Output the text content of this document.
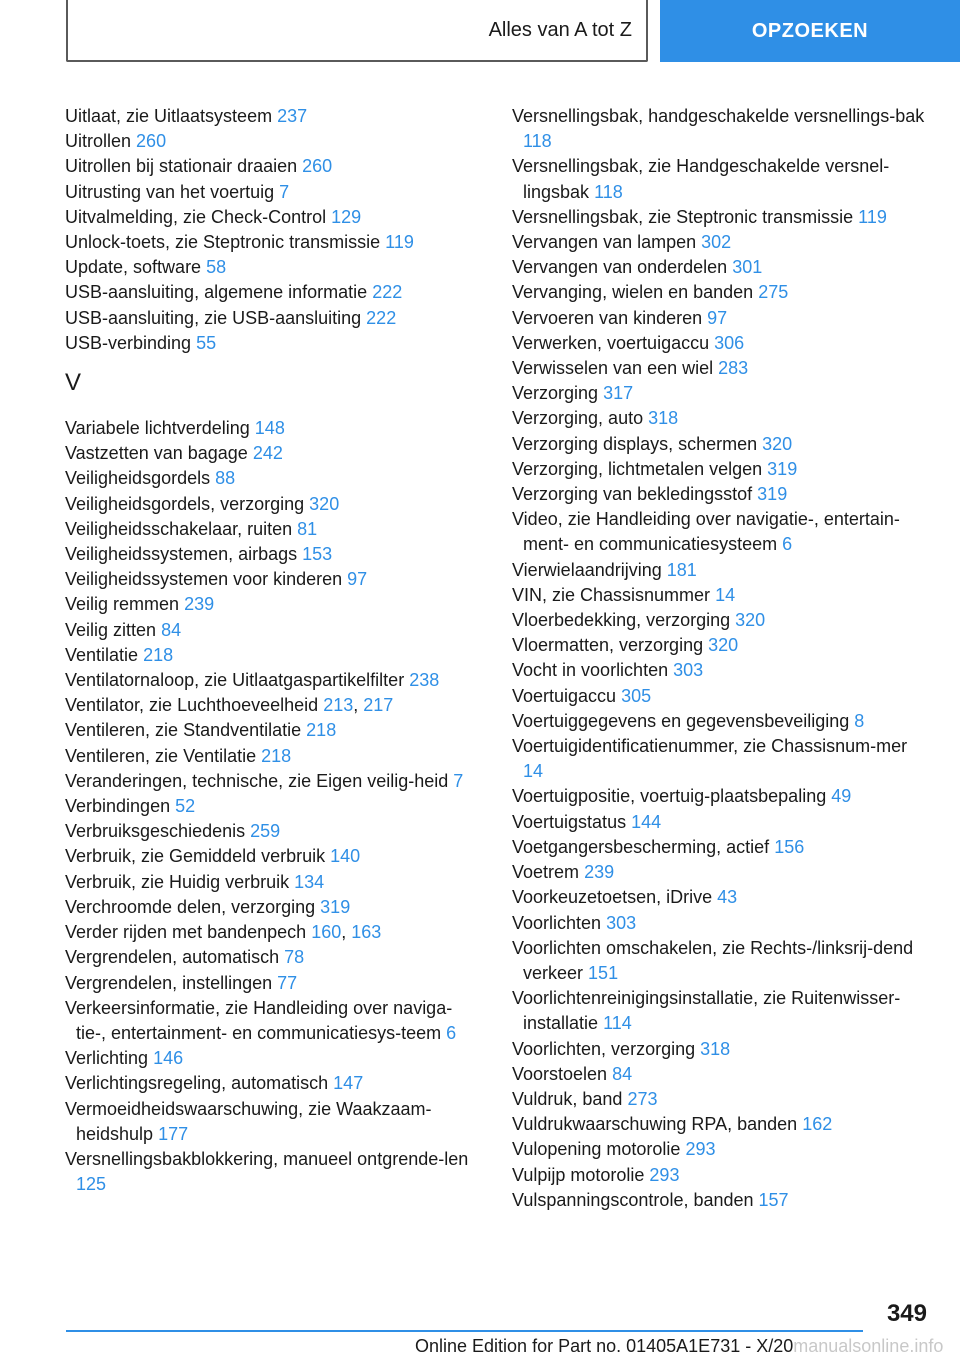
Alles van A tot Z	OPZOEKEN
Uitlaat, zie Uitlaatsysteem 237
Uitrollen 260
Uitrollen bij stationair draaien 260
Uitrusting van het voertuig 7
Uitvalmelding, zie Check-Control 129
Unlock-toets, zie Steptronic transmissie 119
Update, software 58
USB-aansluiting, algemene informatie 222
USB-aansluiting, zie USB-aansluiting 222
USB-verbinding 55
V
Variabele lichtverdeling 148
Vastzetten van bagage 242
Veiligheidsgordels 88
Veiligheidsgordels, verzorging 320
Veiligheidsschakelaar, ruiten 81
Veiligheidssystemen, airbags 153
Veiligheidssystemen voor kinderen 97
Veilig remmen 239
Veilig zitten 84
Ventilatie 218
Ventilatornaloop, zie Uitlaatgaspartikelfilter 238
Ventilator, zie Luchthoeveelheid 213, 217
Ventileren, zie Standventilatie 218
Ventileren, zie Ventilatie 218
Veranderingen, technische, zie Eigen veilig-heid 7
Verbindingen 52
Verbruiksgeschiedenis 259
Verbruik, zie Gemiddeld verbruik 140
Verbruik, zie Huidig verbruik 134
Verchroomde delen, verzorging 319
Verder rijden met bandenpech 160, 163
Vergrendelen, automatisch 78
Vergrendelen, instellingen 77
Verkeersinformatie, zie Handleiding over naviga-tie-, entertainment- en communicatiesys-teem 6
Verlichting 146
Verlichtingsregeling, automatisch 147
Vermoeidheidswaarschuwing, zie Waakzaam-heidshulp 177
Versnellingsbakblokkering, manueel ontgrende-len 125
Versnellingsbak, handgeschakelde versnellings-bak 118
Versnellingsbak, zie Handgeschakelde versnel-lingsbak 118
Versnellingsbak, zie Steptronic transmissie 119
Vervangen van lampen 302
Vervangen van onderdelen 301
Vervanging, wielen en banden 275
Vervoeren van kinderen 97
Verwerken, voertuigaccu 306
Verwisselen van een wiel 283
Verzorging 317
Verzorging, auto 318
Verzorging displays, schermen 320
Verzorging, lichtmetalen velgen 319
Verzorging van bekledingsstof 319
Video, zie Handleiding over navigatie-, entertain-ment- en communicatiesysteem 6
Vierwielaandrijving 181
VIN, zie Chassisnummer 14
Vloerbedekking, verzorging 320
Vloermatten, verzorging 320
Vocht in voorlichten 303
Voertuigaccu 305
Voertuiggegevens en gegevensbeveiliging 8
Voertuigidentificatienummer, zie Chassisnum-mer 14
Voertuigpositie, voertuig-plaatsbepaling 49
Voertuigstatus 144
Voetgangersbescherming, actief 156
Voetrem 239
Voorkeuzetoetsen, iDrive 43
Voorlichten 303
Voorlichten omschakelen, zie Rechts-/linksrij-dend verkeer 151
Voorlichtenreinigingsinstallatie, zie Ruitenwisser-installatie 114
Voorlichten, verzorging 318
Voorstoelen 84
Vuldruk, band 273
Vuldrukwaarschuwing RPA, banden 162
Vulopening motorolie 293
Vulpijp motorolie 293
Vulspanningscontrole, banden 157
349
Online Edition for Part no. 01405A1E731 - X/20manualsonline.info
